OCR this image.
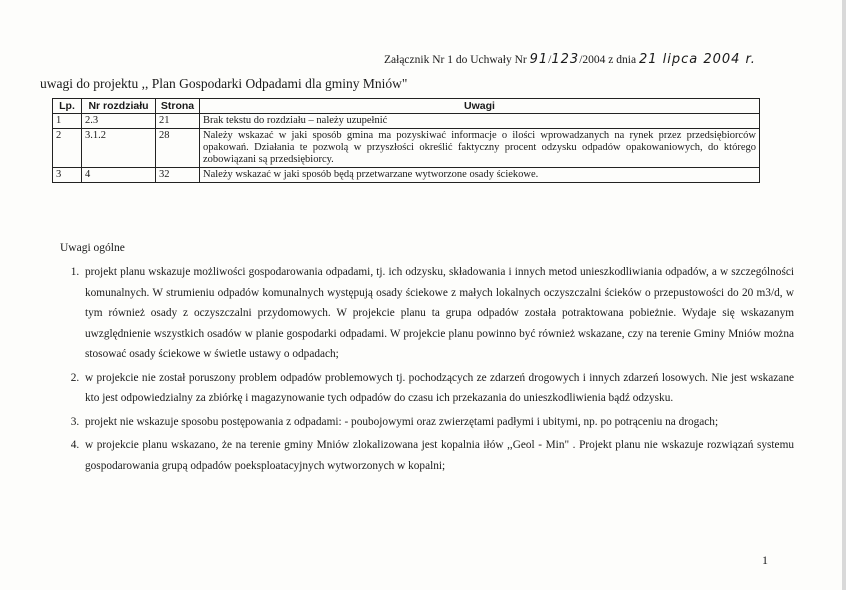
Załącznik Nr 1 do Uchwały Nr 91/123/2004 z dnia 21 lipca 2004 r.
uwagi do projektu ,, Plan Gospodarki Odpadami dla gminy Mniów"
Lp.	Nr rozdziału	Strona	Uwagi
1	2.3	21	Brak tekstu do rozdziału – należy uzupełnić
2	3.1.2	28	Należy wskazać w jaki sposób gmina ma pozyskiwać informacje o ilości wprowadzanych na rynek przez przedsiębiorców opakowań. Działania te pozwolą w przyszłości określić faktyczny procent odzysku odpadów opakowaniowych, do którego zobowiązani są przedsiębiorcy.
3	4	32	Należy wskazać w jaki sposób będą przetwarzane wytworzone osady ściekowe.
Uwagi ogólne
1. projekt planu wskazuje możliwości gospodarowania odpadami, tj. ich odzysku, składowania i innych metod unieszkodliwiania odpadów, a w szczególności komunalnych. W strumieniu odpadów komunalnych występują osady ściekowe z małych lokalnych oczyszczalni ścieków o przepustowości do 20 m3/d, w tym również osady z oczyszczalni przydomowych. W projekcie planu ta grupa odpadów została potraktowana pobieżnie. Wydaje się wskazanym uwzględnienie wszystkich osadów w planie gospodarki odpadami. W projekcie planu powinno być również wskazane, czy na terenie Gminy Mniów można stosować osady ściekowe w świetle ustawy o odpadach;
2. w projekcie nie został poruszony problem odpadów problemowych tj. pochodzących ze zdarzeń drogowych i innych zdarzeń losowych. Nie jest wskazane kto jest odpowiedzialny za zbiórkę i magazynowanie tych odpadów do czasu ich przekazania do unieszkodliwienia bądź odzysku.
3. projekt nie wskazuje sposobu postępowania z odpadami: - poubojowymi oraz zwierzętami padłymi i ubitymi, np. po potrąceniu na drogach;
4. w projekcie planu wskazano, że na terenie gminy Mniów zlokalizowana jest kopalnia iłów ,,Geol - Min" . Projekt planu nie wskazuje rozwiązań systemu gospodarowania grupą odpadów poeksploatacyjnych wytworzonych w kopalni;
1
